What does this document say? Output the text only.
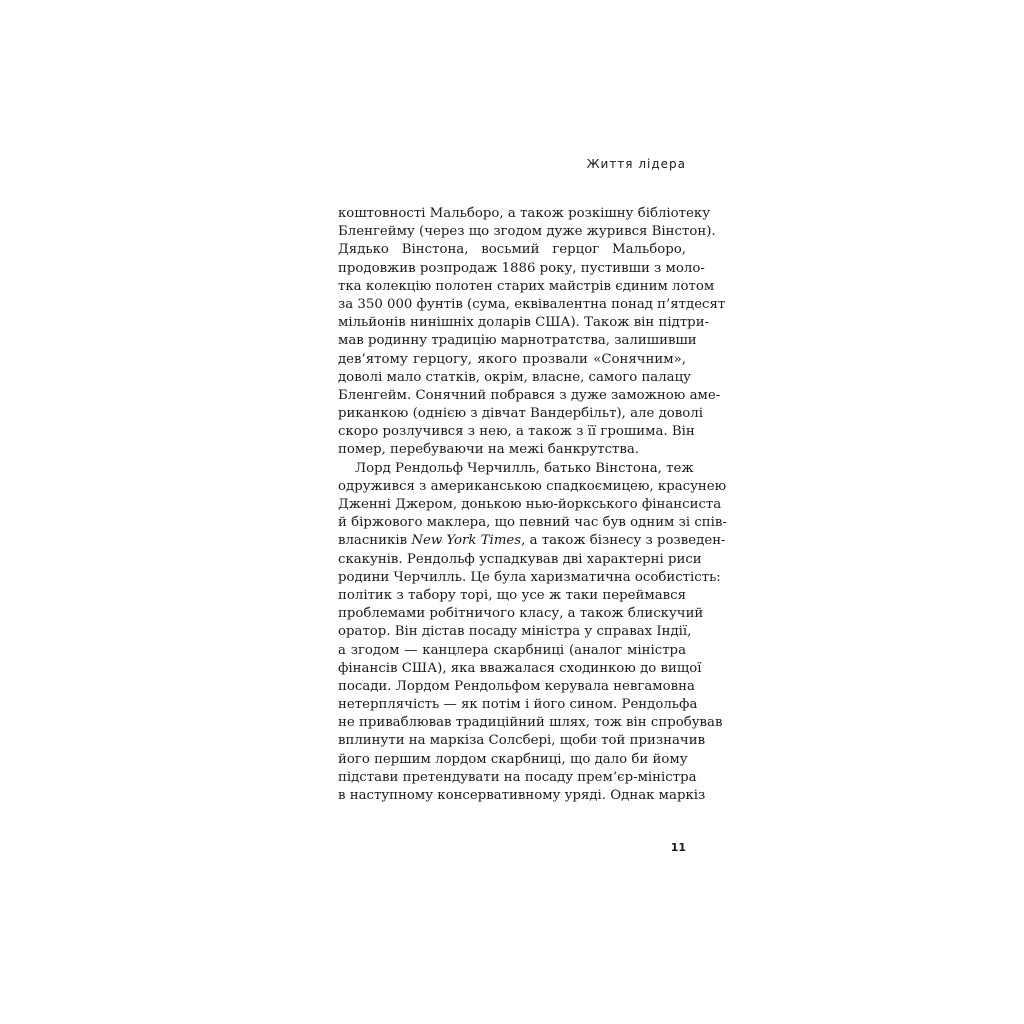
Життя лідера
коштовності Мальборо, а також розкішну бібліотеку
Бленгейму (через що згодом дуже журився Вінстон).
Дядько Вінстона, восьмий герцог Мальборо,
продовжив розпродаж 1886 року, пустивши з моло-
тка колекцію полотен старих майстрів єдиним лотом
за 350 000 фунтів (сума, еквівалентна понад п’ятдесят
мільйонів нинішніх доларів США). Також він підтри-
мав родинну традицію марнотратства, залишивши
дев’ятому герцогу, якого прозвали «Сонячним»,
доволі мало статків, окрім, власне, самого палацу
Бленгейм. Сонячний побрався з дуже заможною аме-
риканкою (однією з дівчат Вандербільт), але доволі
скоро розлучився з нею, а також з її грошима. Він
помер, перебуваючи на межі банкрутства.
Лорд Рендольф Черчилль, батько Вінстона, теж
одружився з американською спадкоємицею, красунею
Дженні Джером, донькою нью-йоркського фінансиста
й біржового маклера, що певний час був одним зі спів-
власників New York Times, а також бізнесу з розведен-
скакунів. Рендольф успадкував дві характерні риси
родини Черчилль. Це була харизматична особистість:
політик з табору торі, що усе ж таки переймався
проблемами робітничого класу, а також блискучий
оратор. Він дістав посаду міністра у справах Індії,
а згодом — канцлера скарбниці (аналог міністра
фінансів США), яка вважалася сходинкою до вищої
посади. Лордом Рендольфом керувала невгамовна
нетерплячість — як потім і його сином. Рендольфа
не приваблював традиційний шлях, тож він спробував
вплинути на маркіза Солсбері, щоби той призначив
його першим лордом скарбниці, що дало би йому
підстави претендувати на посаду прем’єр-міністра
в наступному консервативному уряді. Однак маркіз
11
